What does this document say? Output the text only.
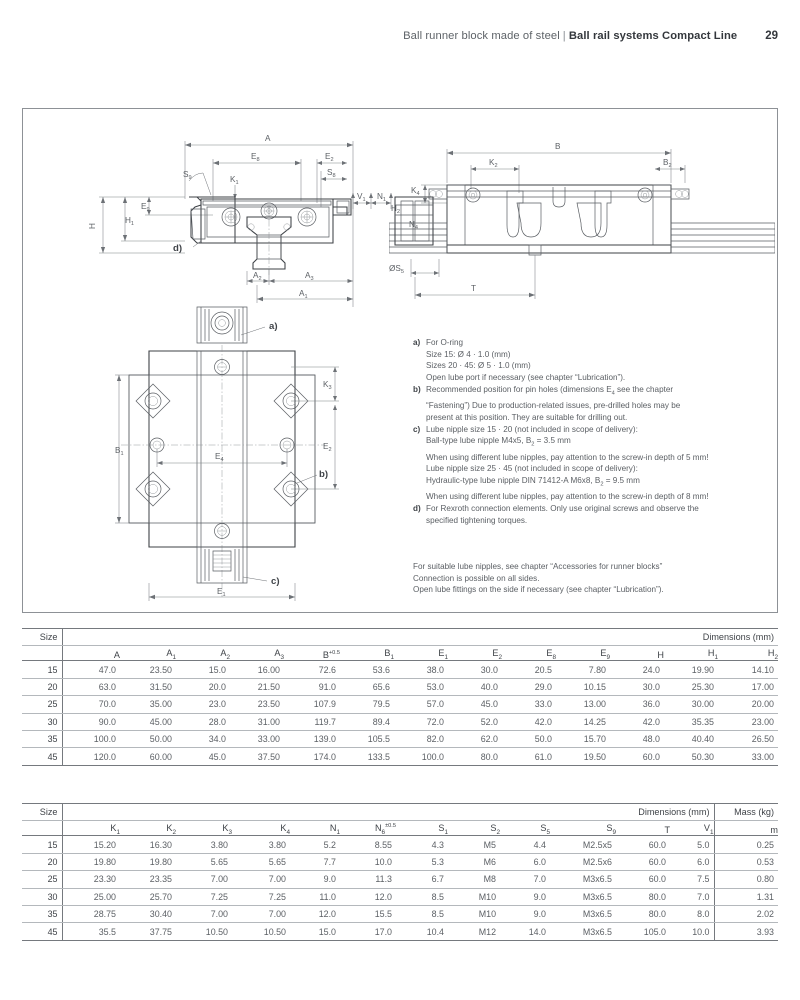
Ball runner block made of steel | Ball rail systems Compact Line 29
A
$E_8$	$E_2$
$S_8$
$S_9$	$K_1$
H
$H_1$
$E_9$
d)
$V_1$ $N_1$
$A_2$	$A_3$
$A_1$
B
$B_2$
$K_2$
$K_4$
$H_2$
$N_4$
$ØS_5$
T
a)
c)
b)
$B_1$	$E_4$
$K_3$
$E_2$
$E_1$
a) For O-ring
Size 15: Ø 4 · 1.0 (mm)
Sizes 20 · 45: Ø 5 · 1.0 (mm)
Open lube port if necessary (see chapter “Lubrication”).
b) Recommended position for pin holes (dimensions $E_4$ see the chapter
“Fastening”) Due to production-related issues, pre-drilled holes may be
present at this position. They are suitable for drilling out.
c) Lube nipple size 15 · 20 (not included in scope of delivery):
Ball-type lube nipple M4x5, $B_2 = 3.5$ mm
When using different lube nipples, pay attention to the screw-in depth of 5 mm!
Lube nipple size 25 · 45 (not included in scope of delivery):
Hydraulic-type lube nipple DIN 71412-A M6x8, $B_2 = 9.5$ mm
When using different lube nipples, pay attention to the screw-in depth of 8 mm!
d) For Rexroth connection elements. Only use original screws and observe the
specified tightening torques.
For suitable lube nipples, see chapter “Accessories for runner blocks”
Connection is possible on all sides.
Open lube fittings on the side if necessary (see chapter “Lubrication”).
Size	Dimensions (mm)												
	A	$A_1$	$A_2$	$A_3$	$B^{+0.5}$	$B_1$	$E_1$	$E_2$	$E_8$	$E_9$	H	$H_1$	$H_2$
15	47.0	23.50	15.0	16.00	72.6	53.6	38.0	30.0	20.5	7.80	24.0	19.90	14.10
20	63.0	31.50	20.0	21.50	91.0	65.6	53.0	40.0	29.0	10.15	30.0	25.30	17.00
25	70.0	35.00	23.0	23.50	107.9	79.5	57.0	45.0	33.0	13.00	36.0	30.00	20.00
30	90.0	45.00	28.0	31.00	119.7	89.4	72.0	52.0	42.0	14.25	42.0	35.35	23.00
35	100.0	50.00	34.0	33.00	139.0	105.5	82.0	62.0	50.0	15.70	48.0	40.40	26.50
45	120.0	60.00	45.0	37.50	174.0	133.5	100.0	80.0	61.0	19.50	60.0	50.30	33.00
Size	Dimensions (mm)												Mass (kg)
	$K_1$	$K_2$	$K_3$	$K_4$	$N_1$	$N_6^{\pm 0.5}$	$S_1$	$S_2$	$S_5$	$S_9$	T	$V_1$	m
15	15.20	16.30	3.80	3.80	5.2	8.55	4.3	M5	4.4	M2.5x5	60.0	5.0	0.25
20	19.80	19.80	5.65	5.65	7.7	10.0	5.3	M6	6.0	M2.5x6	60.0	6.0	0.53
25	23.30	23.35	7.00	7.00	9.0	11.3	6.7	M8	7.0	M3x6.5	60.0	7.5	0.80
30	25.00	25.70	7.25	7.25	11.0	12.0	8.5	M10	9.0	M3x6.5	80.0	7.0	1.31
35	28.75	30.40	7.00	7.00	12.0	15.5	8.5	M10	9.0	M3x6.5	80.0	8.0	2.02
45	35.5	37.75	10.50	10.50	15.0	17.0	10.4	M12	14.0	M3x6.5	105.0	10.0	3.93
